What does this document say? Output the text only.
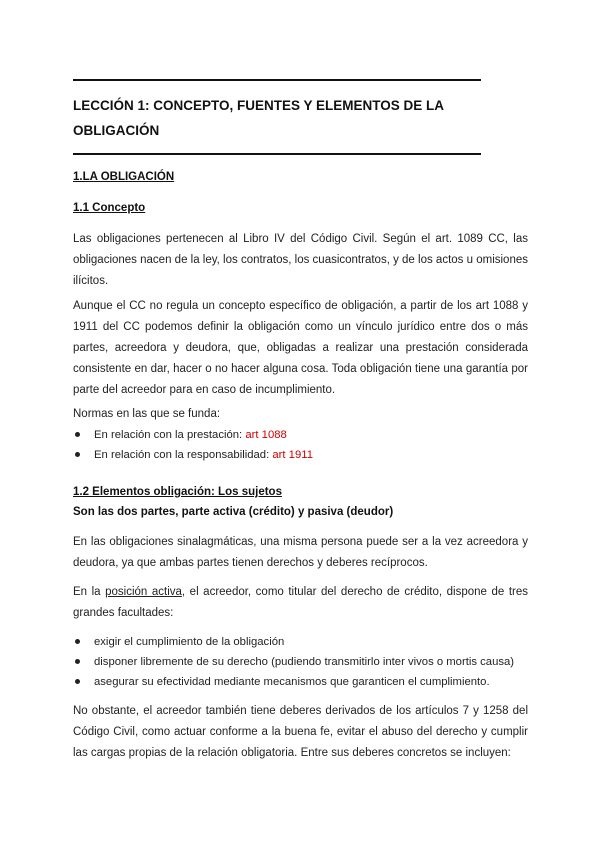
LECCIÓN 1: CONCEPTO, FUENTES Y ELEMENTOS DE LA OBLIGACIÓN
1.LA OBLIGACIÓN
1.1 Concepto
Las obligaciones pertenecen al Libro IV del Código Civil. Según el art. 1089 CC, las obligaciones nacen de la ley, los contratos, los cuasicontratos, y de los actos u omisiones ilícitos.
Aunque el CC no regula un concepto específico de obligación, a partir de los art 1088 y 1911 del CC podemos definir la obligación como un vínculo jurídico entre dos o más partes, acreedora y deudora, que, obligadas a realizar una prestación considerada consistente en dar, hacer o no hacer alguna cosa. Toda obligación tiene una garantía por parte del acreedor para en caso de incumplimiento.
Normas en las que se funda:
En relación con la prestación: art 1088
En relación con la responsabilidad: art 1911
1.2 Elementos obligación: Los sujetos
Son las dos partes, parte activa (crédito) y pasiva (deudor)
En las obligaciones sinalagmáticas, una misma persona puede ser a la vez acreedora y deudora, ya que ambas partes tienen derechos y deberes recíprocos.
En la posición activa, el acreedor, como titular del derecho de crédito, dispone de tres grandes facultades:
exigir el cumplimiento de la obligación
disponer libremente de su derecho (pudiendo transmitirlo inter vivos o mortis causa)
asegurar su efectividad mediante mecanismos que garanticen el cumplimiento.
No obstante, el acreedor también tiene deberes derivados de los artículos 7 y 1258 del Código Civil, como actuar conforme a la buena fe, evitar el abuso del derecho y cumplir las cargas propias de la relación obligatoria. Entre sus deberes concretos se incluyen:
